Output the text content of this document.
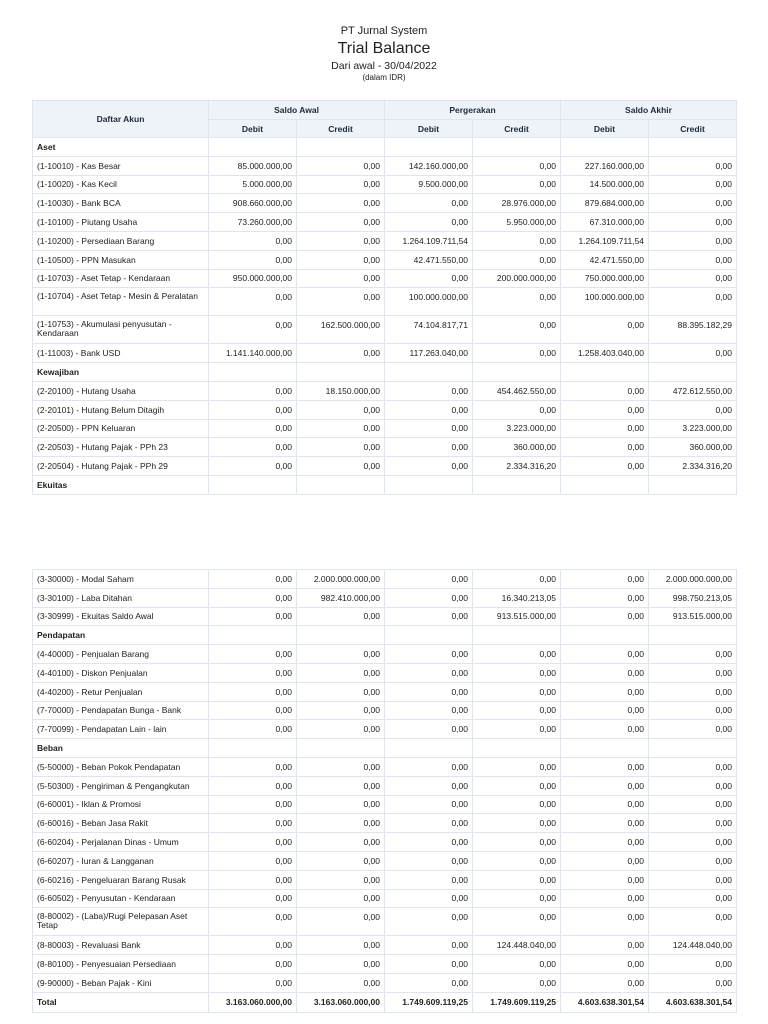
PT Jurnal System
Trial Balance
Dari awal - 30/04/2022
(dalam IDR)
Daftar Akun	Saldo Awal		Pergerakan		Saldo Akhir	
	Debit	Credit	Debit	Credit	Debit	Credit
Aset						
(1-10010) - Kas Besar	85.000.000,00	0,00	142.160.000,00	0,00	227.160.000,00	0,00
(1-10020) - Kas Kecil	5.000.000,00	0,00	9.500.000,00	0,00	14.500.000,00	0,00
(1-10030) - Bank BCA	908.660.000,00	0,00	0,00	28.976.000,00	879.684.000,00	0,00
(1-10100) - Piutang Usaha	73.260.000,00	0,00	0,00	5.950.000,00	67.310.000,00	0,00
(1-10200) - Persediaan Barang	0,00	0,00	1.264.109.711,54	0,00	1.264.109.711,54	0,00
(1-10500) - PPN Masukan	0,00	0,00	42.471.550,00	0,00	42.471.550,00	0,00
(1-10703) - Aset Tetap - Kendaraan	950.000.000,00	0,00	0,00	200.000.000,00	750.000.000,00	0,00
(1-10704) - Aset Tetap - Mesin & Peralatan	0,00	0,00	100.000.000,00	0,00	100.000.000,00	0,00
(1-10753) - Akumulasi penyusutan - Kendaraan	0,00	162.500.000,00	74.104.817,71	0,00	0,00	88.395.182,29
(1-11003) - Bank USD	1.141.140.000,00	0,00	117.263.040,00	0,00	1.258.403.040,00	0,00
Kewajiban						
(2-20100) - Hutang Usaha	0,00	18.150.000,00	0,00	454.462.550,00	0,00	472.612.550,00
(2-20101) - Hutang Belum Ditagih	0,00	0,00	0,00	0,00	0,00	0,00
(2-20500) - PPN Keluaran	0,00	0,00	0,00	3.223.000,00	0,00	3.223.000,00
(2-20503) - Hutang Pajak - PPh 23	0,00	0,00	0,00	360.000,00	0,00	360.000,00
(2-20504) - Hutang Pajak - PPh 29	0,00	0,00	0,00	2.334.316,20	0,00	2.334.316,20
Ekuitas						
(3-30000) - Modal Saham	0,00	2.000.000.000,00	0,00	0,00	0,00	2.000.000.000,00
(3-30100) - Laba Ditahan	0,00	982.410.000,00	0,00	16.340.213,05	0,00	998.750.213,05
(3-30999) - Ekuitas Saldo Awal	0,00	0,00	0,00	913.515.000,00	0,00	913.515.000,00
Pendapatan						
(4-40000) - Penjualan Barang	0,00	0,00	0,00	0,00	0,00	0,00
(4-40100) - Diskon Penjualan	0,00	0,00	0,00	0,00	0,00	0,00
(4-40200) - Retur Penjualan	0,00	0,00	0,00	0,00	0,00	0,00
(7-70000) - Pendapatan Bunga - Bank	0,00	0,00	0,00	0,00	0,00	0,00
(7-70099) - Pendapatan Lain - lain	0,00	0,00	0,00	0,00	0,00	0,00
Beban						
(5-50000) - Beban Pokok Pendapatan	0,00	0,00	0,00	0,00	0,00	0,00
(5-50300) - Pengiriman & Pengangkutan	0,00	0,00	0,00	0,00	0,00	0,00
(6-60001) - Iklan & Promosi	0,00	0,00	0,00	0,00	0,00	0,00
(6-60016) - Beban Jasa Rakit	0,00	0,00	0,00	0,00	0,00	0,00
(6-60204) - Perjalanan Dinas - Umum	0,00	0,00	0,00	0,00	0,00	0,00
(6-60207) - Iuran & Langganan	0,00	0,00	0,00	0,00	0,00	0,00
(6-60216) - Pengeluaran Barang Rusak	0,00	0,00	0,00	0,00	0,00	0,00
(6-60502) - Penyusutan - Kendaraan	0,00	0,00	0,00	0,00	0,00	0,00
(8-80002) - (Laba)/Rugi Pelepasan Aset Tetap	0,00	0,00	0,00	0,00	0,00	0,00
(8-80003) - Revaluasi Bank	0,00	0,00	0,00	124.448.040,00	0,00	124.448.040,00
(8-80100) - Penyesuaian Persediaan	0,00	0,00	0,00	0,00	0,00	0,00
(9-90000) - Beban Pajak - Kini	0,00	0,00	0,00	0,00	0,00	0,00
Total	3.163.060.000,00	3.163.060.000,00	1.749.609.119,25	1.749.609.119,25	4.603.638.301,54	4.603.638.301,54
